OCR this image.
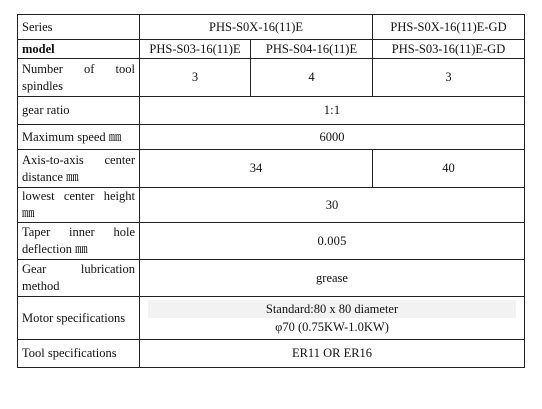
Series	PHS-S0X-16(11)E		PHS-S0X-16(11)E-GD
model	PHS-S03-16(11)E	PHS-S04-16(11)E	PHS-S03-16(11)E-GD
Number of tool spindles	3	4	3
gear ratio	1:1		
Maximum speed ㎜	6000		
Axis-to-axis center distance ㎜	34		40
lowest center height ㎜	30		
Taper inner hole deflection ㎜	0.005		
Gear lubrication method	grease		
Motor specifications	Standard:80 x 80 diameter
φ70 (0.75KW-1.0KW)		

Tool specifications	ER11 OR ER16		
